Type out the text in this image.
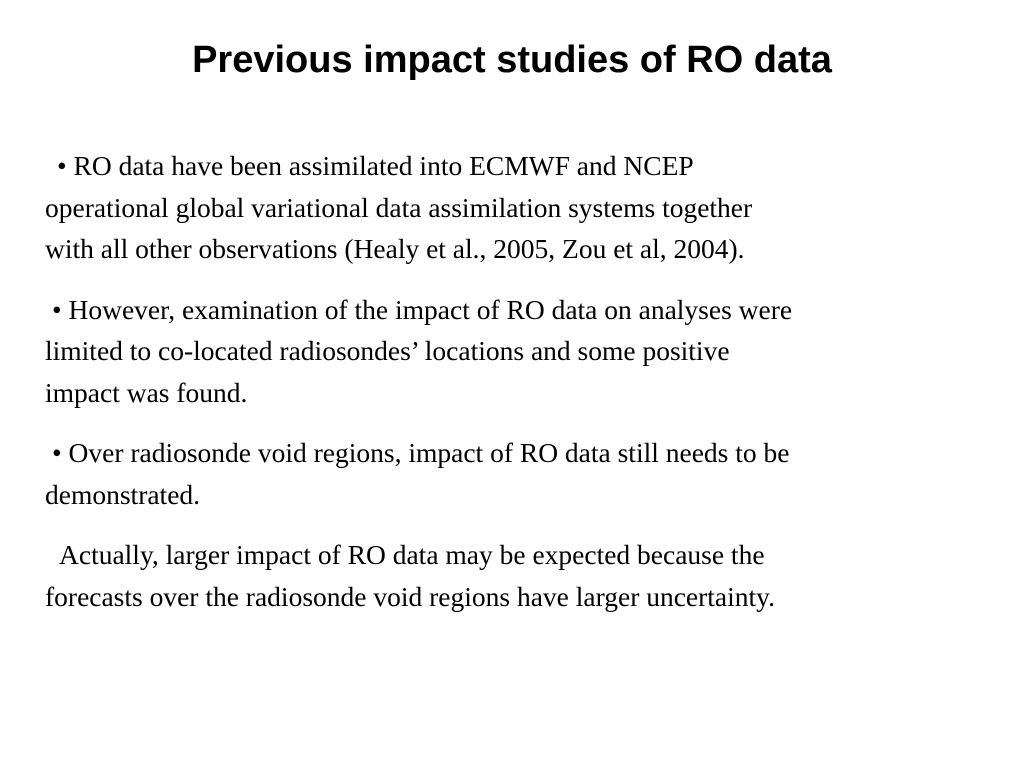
Previous impact studies of RO data

• RO data have been assimilated into ECMWF and NCEP
operational global variational data assimilation systems together
with all other observations (Healy et al., 2005, Zou et al, 2004).

• However, examination of the impact of RO data on analyses were
limited to co-located radiosondes’ locations and some positive
impact was found.

• Over radiosonde void regions, impact of RO data still needs to be
demonstrated.

Actually, larger impact of RO data may be expected because the
forecasts over the radiosonde void regions have larger uncertainty.
